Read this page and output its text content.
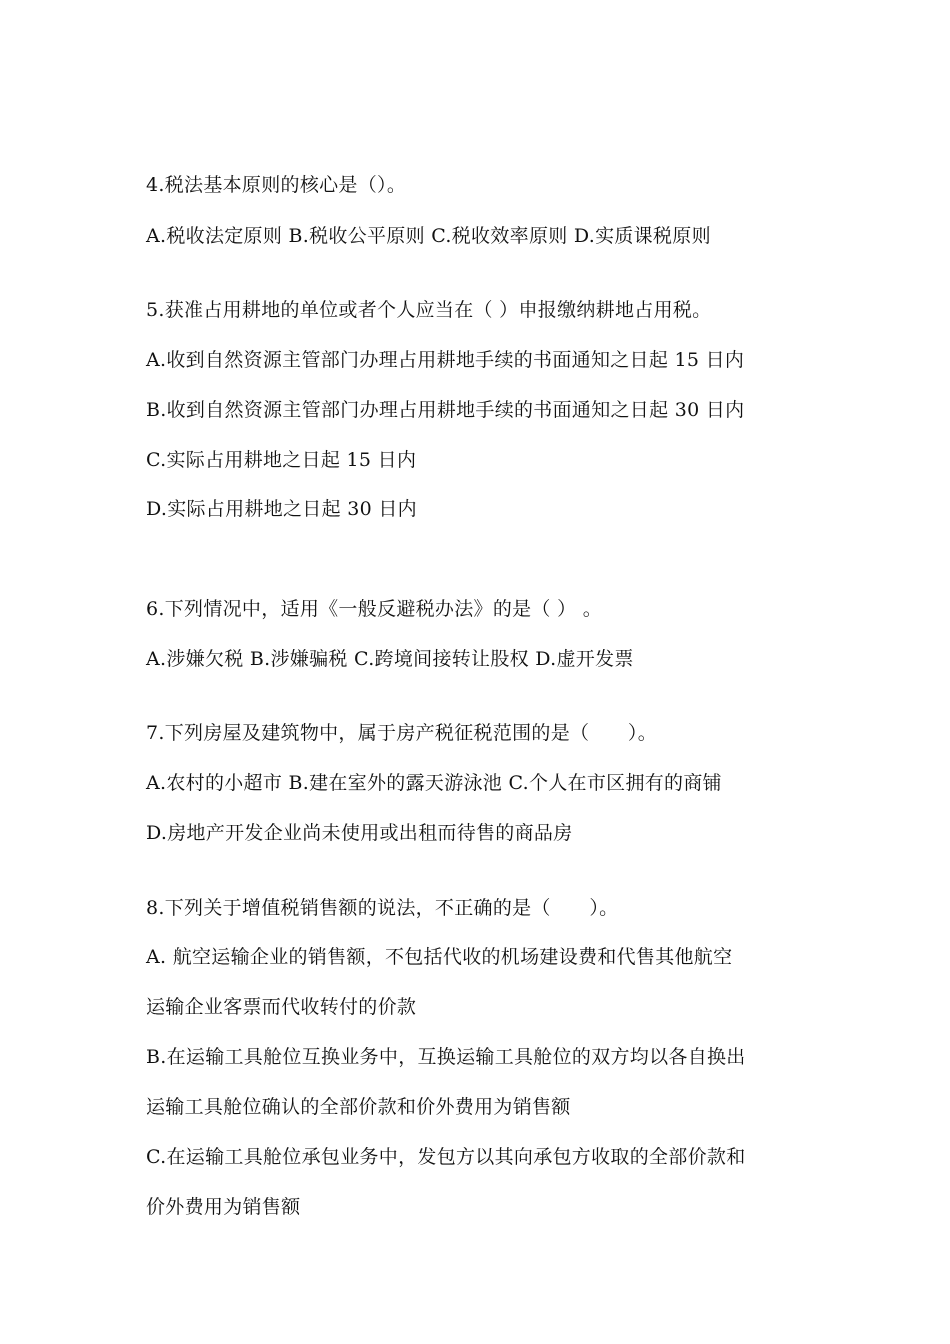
4.税法基本原则的核心是（）。
A.税收法定原则 B.税收公平原则 C.税收效率原则 D.实质课税原则
5.获准占用耕地的单位或者个人应当在（ ）申报缴纳耕地占用税。
A.收到自然资源主管部门办理占用耕地手续的书面通知之日起 15 日内
B.收到自然资源主管部门办理占用耕地手续的书面通知之日起 30 日内
C.实际占用耕地之日起 15 日内
D.实际占用耕地之日起 30 日内
6.下列情况中，适用《一般反避税办法》的是（ ） 。
A.涉嫌欠税 B.涉嫌骗税 C.跨境间接转让股权 D.虚开发票
7.下列房屋及建筑物中，属于房产税征税范围的是（　　）。
A.农村的小超市 B.建在室外的露天游泳池 C.个人在市区拥有的商铺
D.房地产开发企业尚未使用或出租而待售的商品房
8.下列关于增值税销售额的说法，不正确的是（　　）。
A. 航空运输企业的销售额，不包括代收的机场建设费和代售其他航空
运输企业客票而代收转付的价款
B.在运输工具舱位互换业务中，互换运输工具舱位的双方均以各自换出
运输工具舱位确认的全部价款和价外费用为销售额
C.在运输工具舱位承包业务中，发包方以其向承包方收取的全部价款和
价外费用为销售额
